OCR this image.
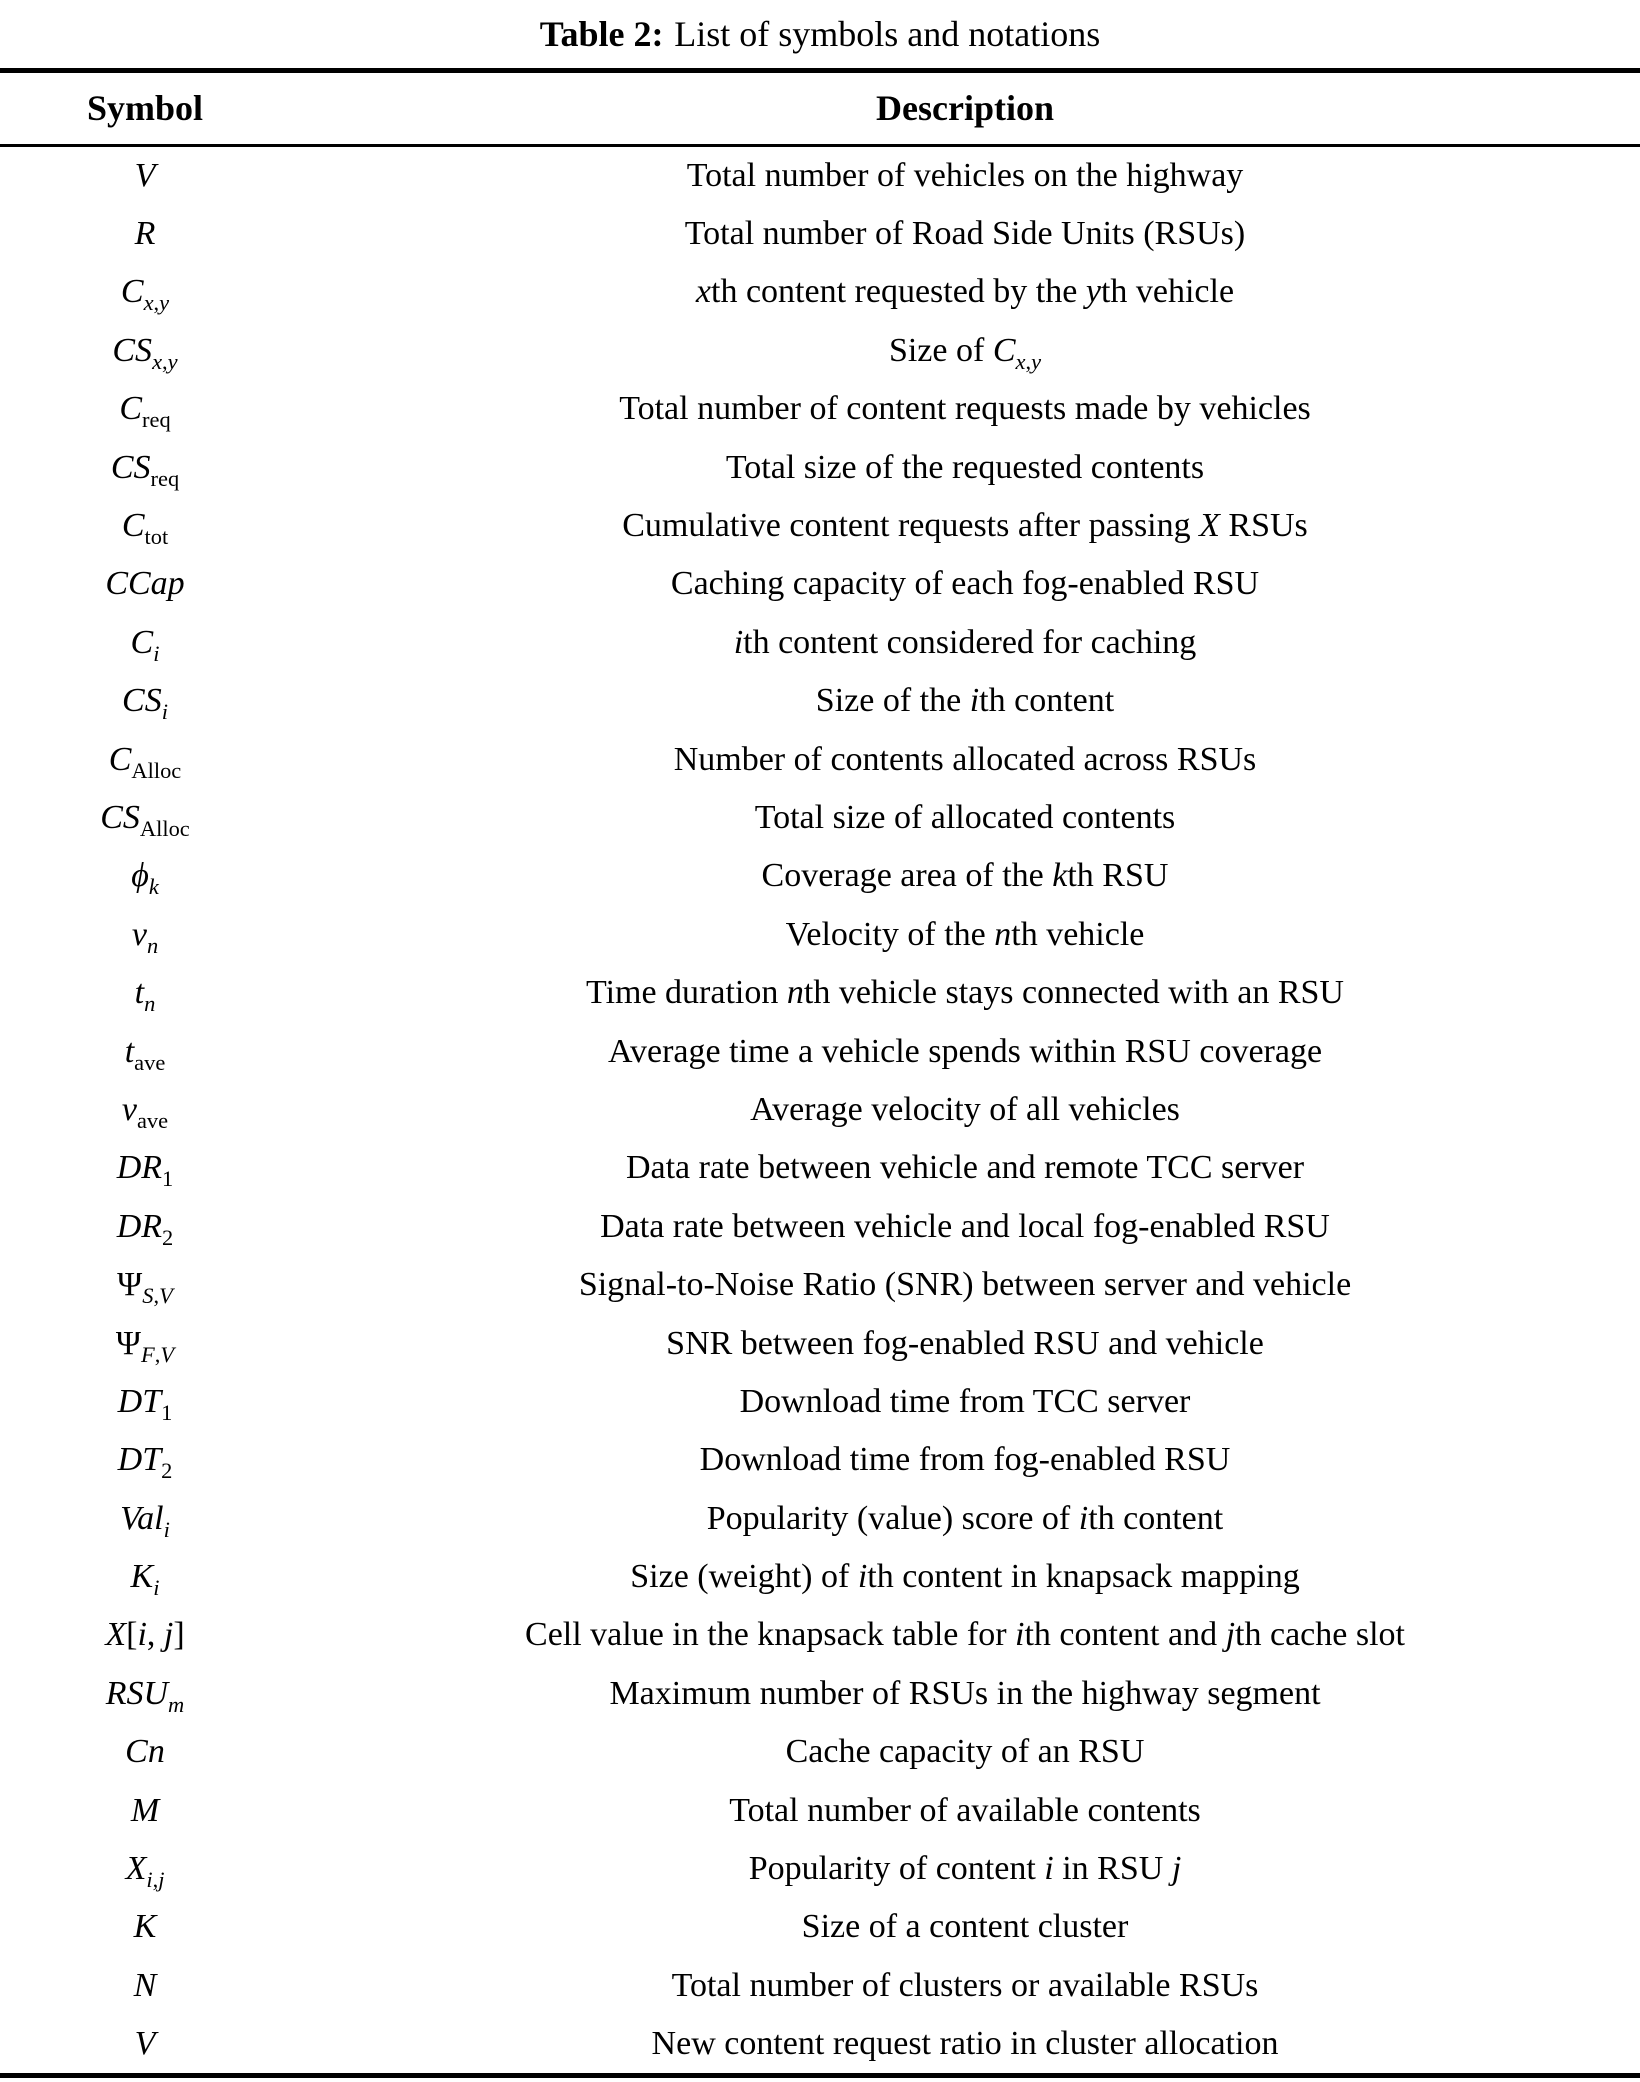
Table 2: List of symbols and notations
Symbol	Description
V	Total number of vehicles on the highway
R	Total number of Road Side Units (RSUs)
$C_{x,y}$	xth content requested by the yth vehicle
$CS_{x,y}$	Size of $C_{x,y}$
$C_{req}$	Total number of content requests made by vehicles
$CS_{req}$	Total size of the requested contents
$C_{tot}$	Cumulative content requests after passing X RSUs
CCap	Caching capacity of each fog-enabled RSU
$C_i$	ith content considered for caching
$CS_i$	Size of the ith content
$C_{Alloc}$	Number of contents allocated across RSUs
$CS_{Alloc}$	Total size of allocated contents
$\phi_k$	Coverage area of the kth RSU
$v_n$	Velocity of the nth vehicle
$t_n$	Time duration nth vehicle stays connected with an RSU
$t_{ave}$	Average time a vehicle spends within RSU coverage
$v_{ave}$	Average velocity of all vehicles
$DR_1$	Data rate between vehicle and remote TCC server
$DR_2$	Data rate between vehicle and local fog-enabled RSU
$\Psi_{S,V}$	Signal-to-Noise Ratio (SNR) between server and vehicle
$\Psi_{F,V}$	SNR between fog-enabled RSU and vehicle
$DT_1$	Download time from TCC server
$DT_2$	Download time from fog-enabled RSU
Val$_i$	Popularity (value) score of ith content
$K_i$	Size (weight) of ith content in knapsack mapping
X[i, j]	Cell value in the knapsack table for ith content and jth cache slot
$RSU_m$	Maximum number of RSUs in the highway segment
Cn	Cache capacity of an RSU
M	Total number of available contents
$X_{i,j}$	Popularity of content i in RSU j
K	Size of a content cluster
N	Total number of clusters or available RSUs
V	New content request ratio in cluster allocation
